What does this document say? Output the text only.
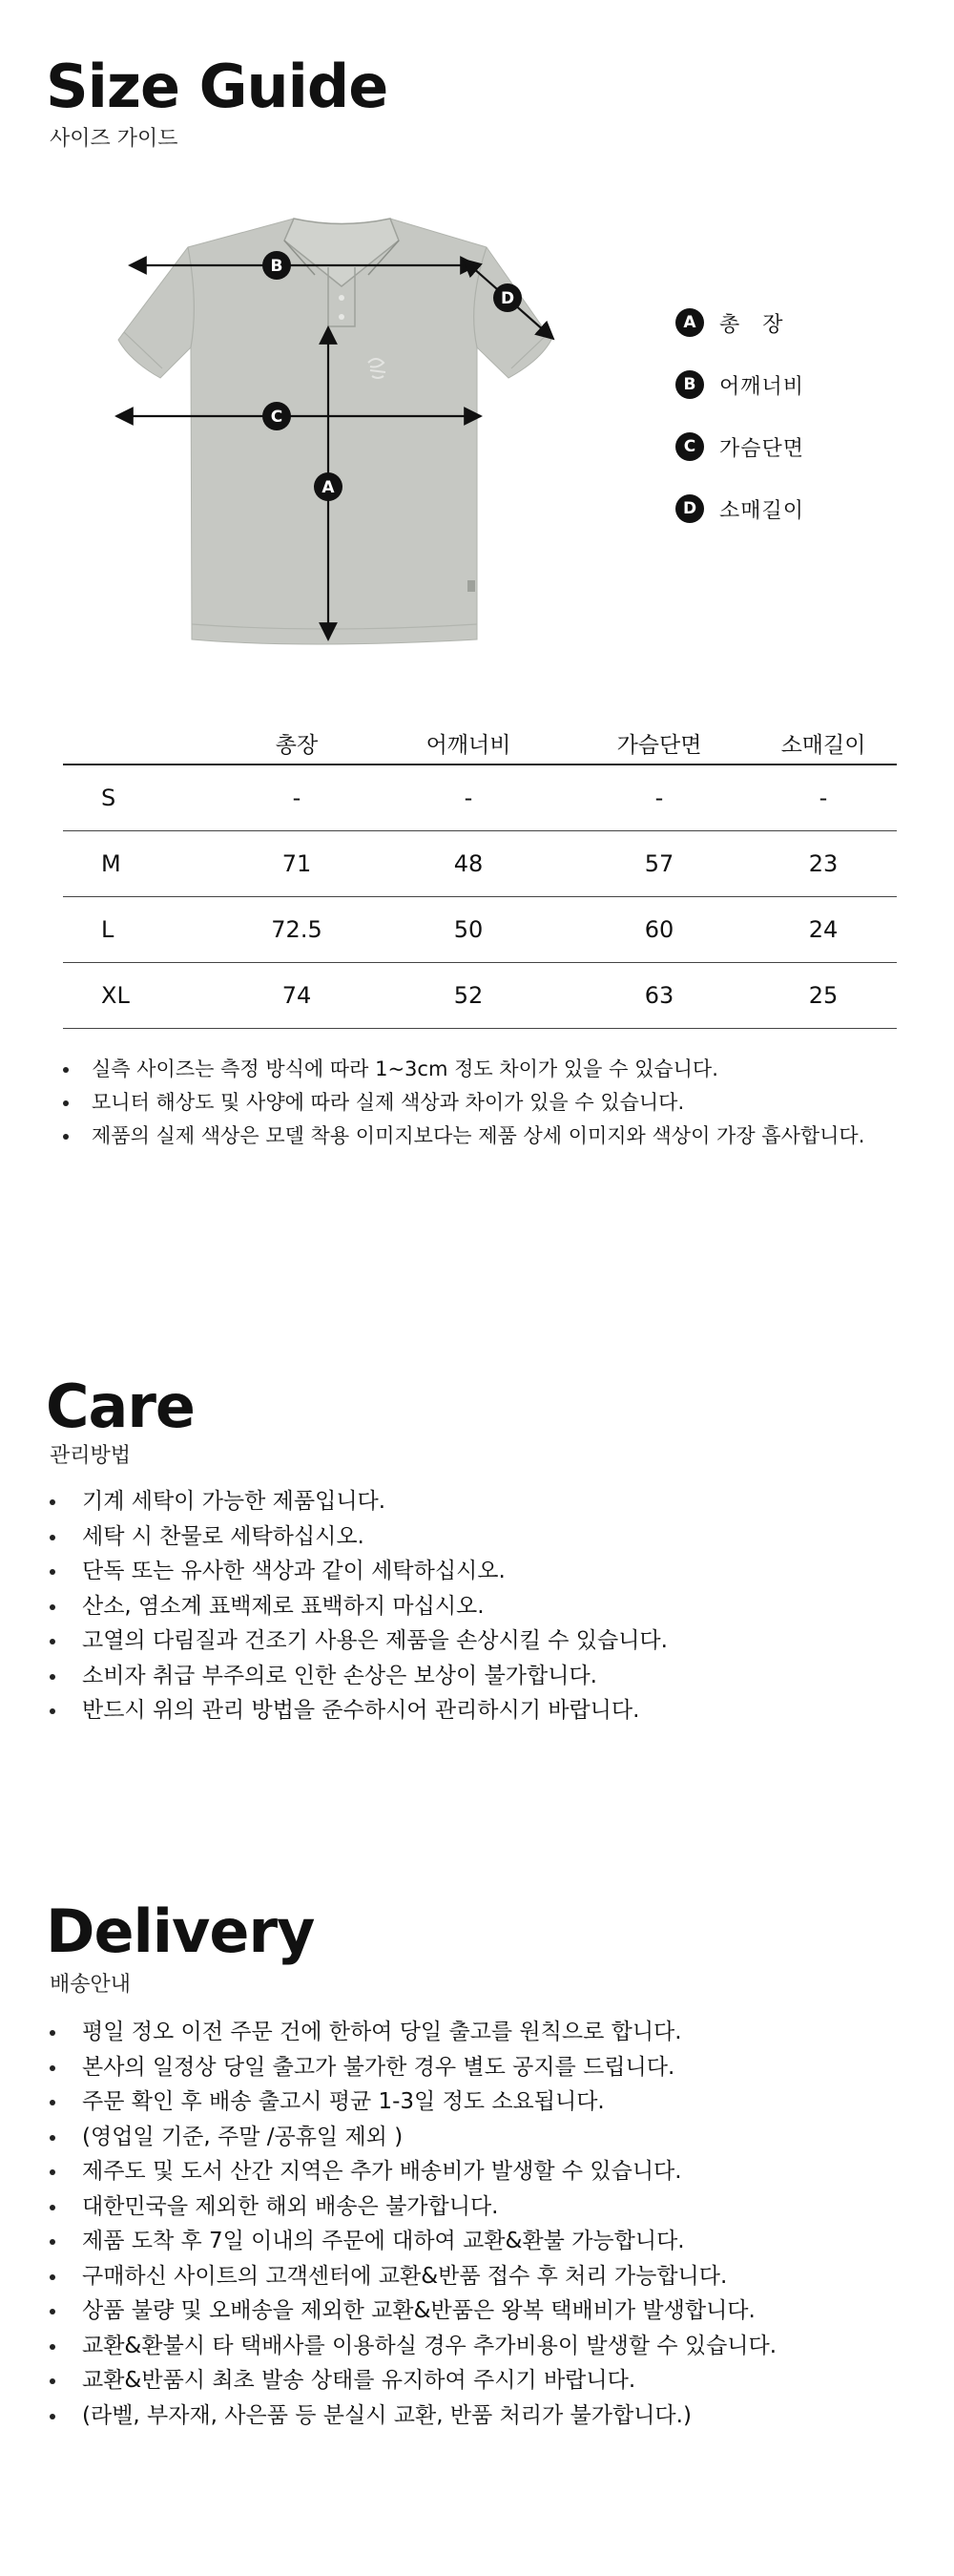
Size Guide
사이즈 가이드
A
B
C
D
A	총　장
B	어깨너비
C	가슴단면
D	소매길이
	총장	어깨너비	가슴단면	소매길이
S	-	-	-	-
M	71	48	57	23
L	72.5	50	60	24
XL	74	52	63	25
실측 사이즈는 측정 방식에 따라 1~3cm 정도 차이가 있을 수 있습니다.
모니터 해상도 및 사양에 따라 실제 색상과 차이가 있을 수 있습니다.
제품의 실제 색상은 모델 착용 이미지보다는 제품 상세 이미지와 색상이 가장 흡사합니다.
Care
관리방법
기계 세탁이 가능한 제품입니다.
세탁 시 찬물로 세탁하십시오.
단독 또는 유사한 색상과 같이 세탁하십시오.
산소, 염소계 표백제로 표백하지 마십시오.
고열의 다림질과 건조기 사용은 제품을 손상시킬 수 있습니다.
소비자 취급 부주의로 인한 손상은 보상이 불가합니다.
반드시 위의 관리 방법을 준수하시어 관리하시기 바랍니다.
Delivery
배송안내
평일 정오 이전 주문 건에 한하여 당일 출고를 원칙으로 합니다.
본사의 일정상 당일 출고가 불가한 경우 별도 공지를 드립니다.
주문 확인 후 배송 출고시 평균 1-3일 정도 소요됩니다.
(영업일 기준, 주말 /공휴일 제외 )
제주도 및 도서 산간 지역은 추가 배송비가 발생할 수 있습니다.
대한민국을 제외한 해외 배송은 불가합니다.
제품 도착 후 7일 이내의 주문에 대하여 교환&환불 가능합니다.
구매하신 사이트의 고객센터에 교환&반품 접수 후 처리 가능합니다.
상품 불량 및 오배송을 제외한 교환&반품은 왕복 택배비가 발생합니다.
교환&환불시 타 택배사를 이용하실 경우 추가비용이 발생할 수 있습니다.
교환&반품시 최초 발송 상태를 유지하여 주시기 바랍니다.
(라벨, 부자재, 사은품 등 분실시 교환, 반품 처리가 불가합니다.)
